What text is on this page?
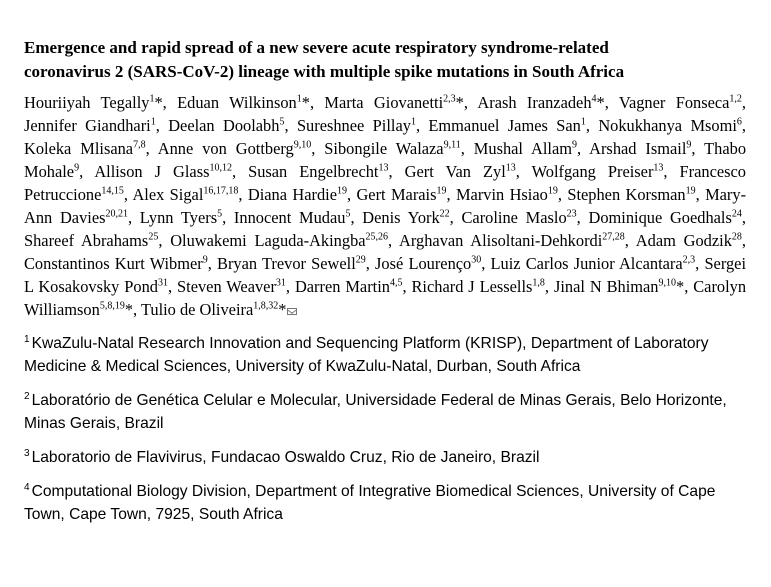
Emergence and rapid spread of a new severe acute respiratory syndrome-related
coronavirus 2 (SARS-CoV-2) lineage with multiple spike mutations in South Africa

Houriiyah Tegally$^1$*, Eduan Wilkinson$^1$*, Marta Giovanetti$^{2,3}$*, Arash Iranzadeh$^4$*, Vagner Fonseca$^{1,2}$, Jennifer Giandhari$^1$, Deelan Doolabh$^5$, Sureshnee Pillay$^1$, Emmanuel James San$^1$, Nokukhanya Msomi$^6$, Koleka Mlisana$^{7,8}$, Anne von Gottberg$^{9,10}$, Sibongile Walaza$^{9,11}$, Mushal Allam$^9$, Arshad Ismail$^9$, Thabo Mohale$^9$, Allison J Glass$^{10,12}$, Susan Engelbrecht$^{13}$, Gert Van Zyl$^{13}$, Wolfgang Preiser$^{13}$, Francesco Petruccione$^{14,15}$, Alex Sigal$^{16,17,18}$, Diana Hardie$^{19}$, Gert Marais$^{19}$, Marvin Hsiao$^{19}$, Stephen Korsman$^{19}$, Mary-Ann Davies$^{20,21}$, Lynn Tyers$^5$, Innocent Mudau$^5$, Denis York$^{22}$, Caroline Maslo$^{23}$, Dominique Goedhals$^{24}$, Shareef Abrahams$^{25}$, Oluwakemi Laguda-Akingba$^{25,26}$, Arghavan Alisoltani-Dehkordi$^{27,28}$, Adam Godzik$^{28}$, Constantinos Kurt Wibmer$^9$, Bryan Trevor Sewell$^{29}$, José Lourenço$^{30}$, Luiz Carlos Junior Alcantara$^{2,3}$, Sergei L Kosakovsky Pond$^{31}$, Steven Weaver$^{31}$, Darren Martin$^{4,5}$, Richard J Lessells$^{1,8}$, Jinal N Bhiman$^{9,10}$*, Carolyn Williamson$^{5,8,19}$*, Tulio de Oliveira$^{1,8,32}$*

$^1$ KwaZulu-Natal Research Innovation and Sequencing Platform (KRISP), Department of Laboratory Medicine & Medical Sciences, University of KwaZulu-Natal, Durban, South Africa

$^2$ Laboratório de Genética Celular e Molecular, Universidade Federal de Minas Gerais, Belo Horizonte, Minas Gerais, Brazil

$^3$ Laboratorio de Flavivirus, Fundacao Oswaldo Cruz, Rio de Janeiro, Brazil

$^4$ Computational Biology Division, Department of Integrative Biomedical Sciences, University of Cape Town, Cape Town, 7925, South Africa
